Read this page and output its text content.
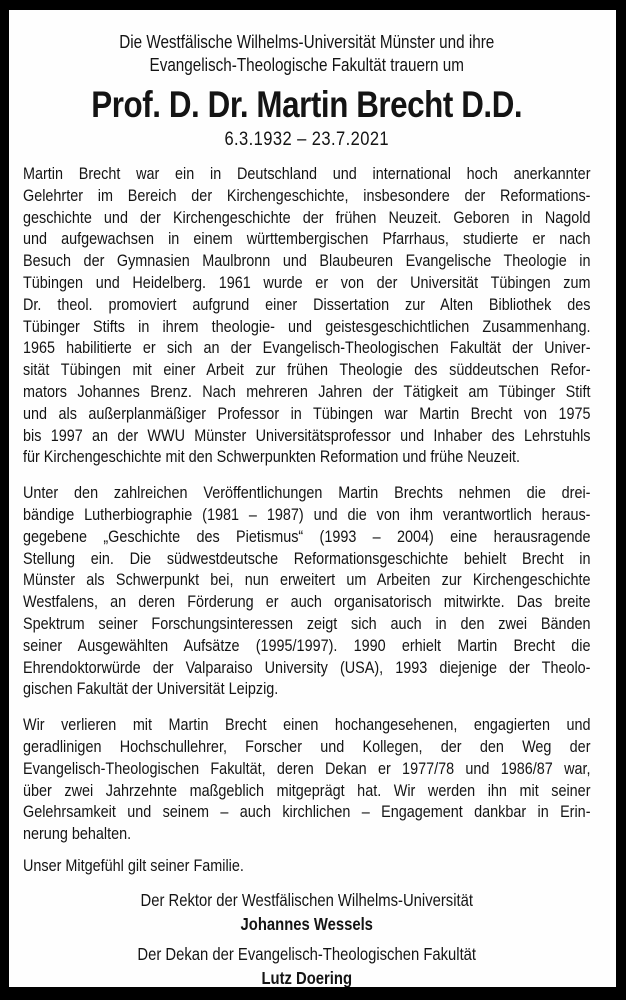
Die Westfälische Wilhelms-Universität Münster und ihre
Evangelisch-Theologische Fakultät trauern um
Prof. D. Dr. Martin Brecht D.D.
6.3.1932 – 23.7.2021
Martin Brecht war ein in Deutschland und international hoch anerkannter
Gelehrter im Bereich der Kirchengeschichte, insbesondere der Reformations-
geschichte und der Kirchengeschichte der frühen Neuzeit. Geboren in Nagold
und aufgewachsen in einem württembergischen Pfarrhaus, studierte er nach
Besuch der Gymnasien Maulbronn und Blaubeuren Evangelische Theologie in
Tübingen und Heidelberg. 1961 wurde er von der Universität Tübingen zum
Dr. theol. promoviert aufgrund einer Dissertation zur Alten Bibliothek des
Tübinger Stifts in ihrem theologie- und geistesgeschichtlichen Zusammenhang.
1965 habilitierte er sich an der Evangelisch-Theologischen Fakultät der Univer-
sität Tübingen mit einer Arbeit zur frühen Theologie des süddeutschen Refor-
mators Johannes Brenz. Nach mehreren Jahren der Tätigkeit am Tübinger Stift
und als außerplanmäßiger Professor in Tübingen war Martin Brecht von 1975
bis 1997 an der WWU Münster Universitätsprofessor und Inhaber des Lehrstuhls
für Kirchengeschichte mit den Schwerpunkten Reformation und frühe Neuzeit.
Unter den zahlreichen Veröffentlichungen Martin Brechts nehmen die drei-
bändige Lutherbiographie (1981 – 1987) und die von ihm verantwortlich heraus-
gegebene „Geschichte des Pietismus“ (1993 – 2004) eine herausragende
Stellung ein. Die südwestdeutsche Reformationsgeschichte behielt Brecht in
Münster als Schwerpunkt bei, nun erweitert um Arbeiten zur Kirchengeschichte
Westfalens, an deren Förderung er auch organisatorisch mitwirkte. Das breite
Spektrum seiner Forschungsinteressen zeigt sich auch in den zwei Bänden
seiner Ausgewählten Aufsätze (1995/1997). 1990 erhielt Martin Brecht die
Ehrendoktorwürde der Valparaiso University (USA), 1993 diejenige der Theolo-
gischen Fakultät der Universität Leipzig.
Wir verlieren mit Martin Brecht einen hochangesehenen, engagierten und
geradlinigen Hochschullehrer, Forscher und Kollegen, der den Weg der
Evangelisch-Theologischen Fakultät, deren Dekan er 1977/78 und 1986/87 war,
über zwei Jahrzehnte maßgeblich mitgeprägt hat. Wir werden ihn mit seiner
Gelehrsamkeit und seinem – auch kirchlichen – Engagement dankbar in Erin-
nerung behalten.
Unser Mitgefühl gilt seiner Familie.
Der Rektor der Westfälischen Wilhelms-Universität
Johannes Wessels
Der Dekan der Evangelisch-Theologischen Fakultät
Lutz Doering
